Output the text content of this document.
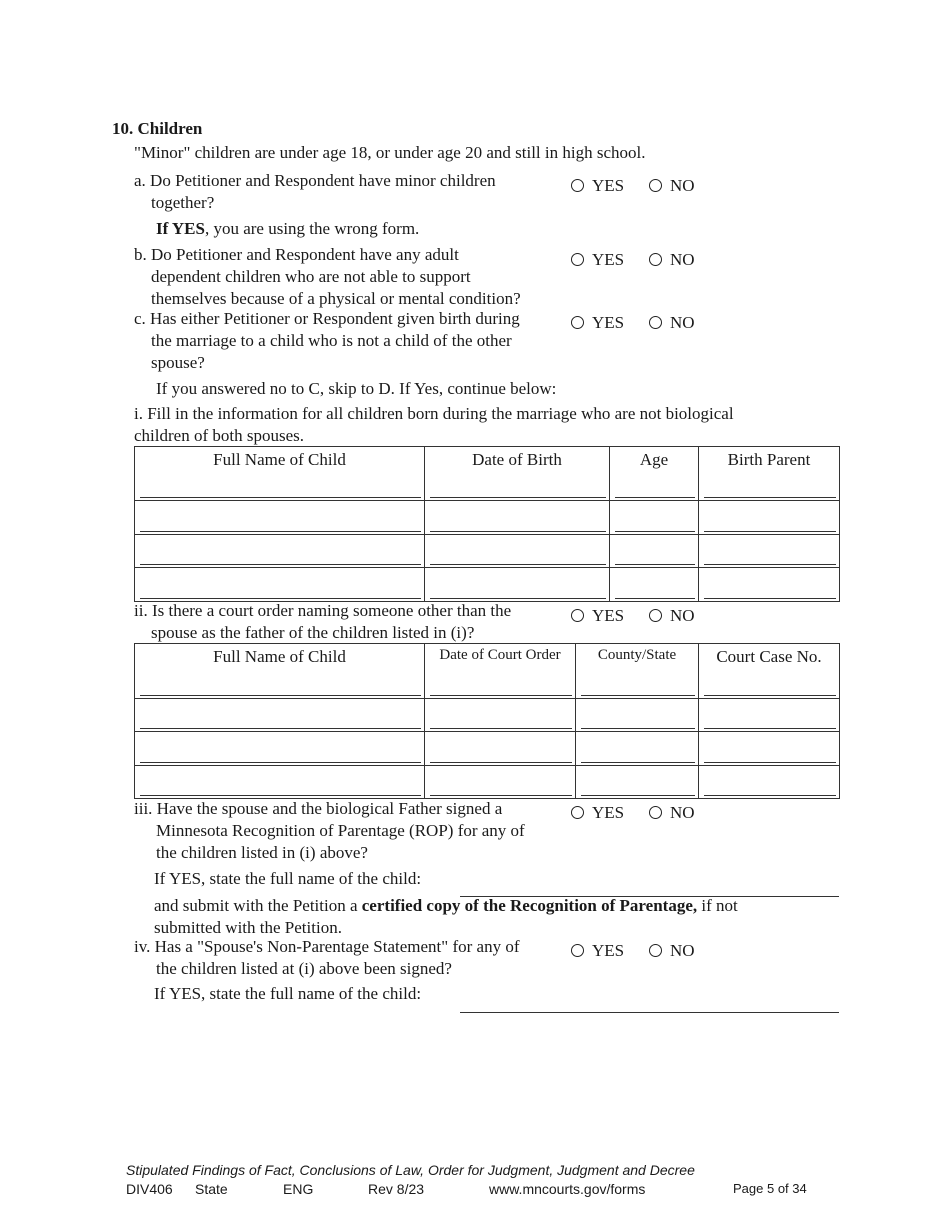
10. Children
"Minor" children are under age 18, or under age 20 and still in high school.
a. Do Petitioner and Respondent have minor children
together?
YES	NO
If YES, you are using the wrong form.
b. Do Petitioner and Respondent have any adult
dependent children who are not able to support
themselves because of a physical or mental condition?
YES	NO
c. Has either Petitioner or Respondent given birth during
the marriage to a child who is not a child of the other
spouse?
YES	NO
If you answered no to C, skip to D. If Yes, continue below:
i. Fill in the information for all children born during the marriage who are not biological
children of both spouses.
Full Name of Child	Date of Birth	Age	Birth Parent

ii. Is there a court order naming someone other than the
spouse as the father of the children listed in (i)?
YES	NO
Full Name of Child	Date of Court Order	County/State	Court Case No.

iii. Have the spouse and the biological Father signed a
Minnesota Recognition of Parentage (ROP) for any of
the children listed in (i) above?
YES	NO
If YES, state the full name of the child:
and submit with the Petition a certified copy of the Recognition of Parentage, if not
submitted with the Petition.
iv. Has a "Spouse's Non-Parentage Statement" for any of
the children listed at (i) above been signed?
YES	NO
If YES, state the full name of the child:
Stipulated Findings of Fact, Conclusions of Law, Order for Judgment, Judgment and Decree
DIV406 State	ENG	Rev 8/23	www.mncourts.gov/forms	Page 5 of 34
